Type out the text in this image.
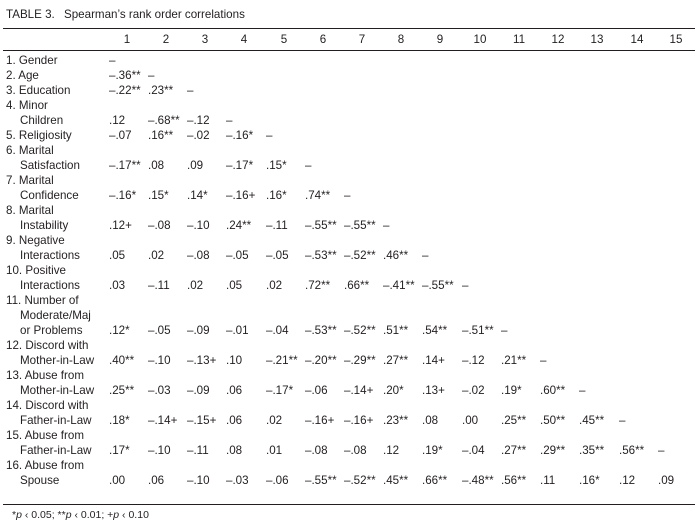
TABLE 3. Spearman’s rank order correlations
1	2	3	4	5	6	7	8	9	10 11 12 13 14 15
1. Gender	–
2. Age	–.36** –
3. Education	–.22** .23** –
4. Minor
Children	.12 –.68** –.12 –
5. Religiosity	–.07 .16** –.02 –.16* –
6. Marital
Satisfaction	–.17** .08 .09 –.17* .15* –
7. Marital
Confidence	–.16* .15* .14* –.16+ .16* .74** –
8. Marital
Instability	.12+ –.08 –.10 .24** –.11 –.55** –.55** –
9. Negative
Interactions	.05 .02 –.08 –.05 –.05 –.53** –.52** .46** –
10. Positive
Interactions	.03 –.11 .02 .05 .02 .72** .66** –.41** –.55** –
11. Number of
Moderate/Maj
or Problems	.12* –.05 –.09 –.01 –.04 –.53** –.52** .51** .54** –.51** –
12. Discord with
Mother-in-Law .40** –.10 –.13+ .10 –.21** –.20** –.29** .27** .14+ –.12 .21** –
13. Abuse from
Mother-in-Law .25** –.03 –.09 .06 –.17* –.06 –.14+ .20* .13+ –.02 .19* .60** –
14. Discord with
Father-in-Law .18* –.14+ –.15+ .06 .02 –.16+ –.16+ .23** .08 .00 .25** .50** .45** –
15. Abuse from
Father-in-Law .17* –.10 –.11 .08 .01 –.08 –.08 .12 .19* –.04 .27** .29** .35** .56** –
16. Abuse from
Spouse	.00 .06 –.10 –.03 –.06 –.55** –.52** .45** .66** –.48** .56** .11 .16* .12 .09
*p ‹ 0.05; **p ‹ 0.01; +p ‹ 0.10
